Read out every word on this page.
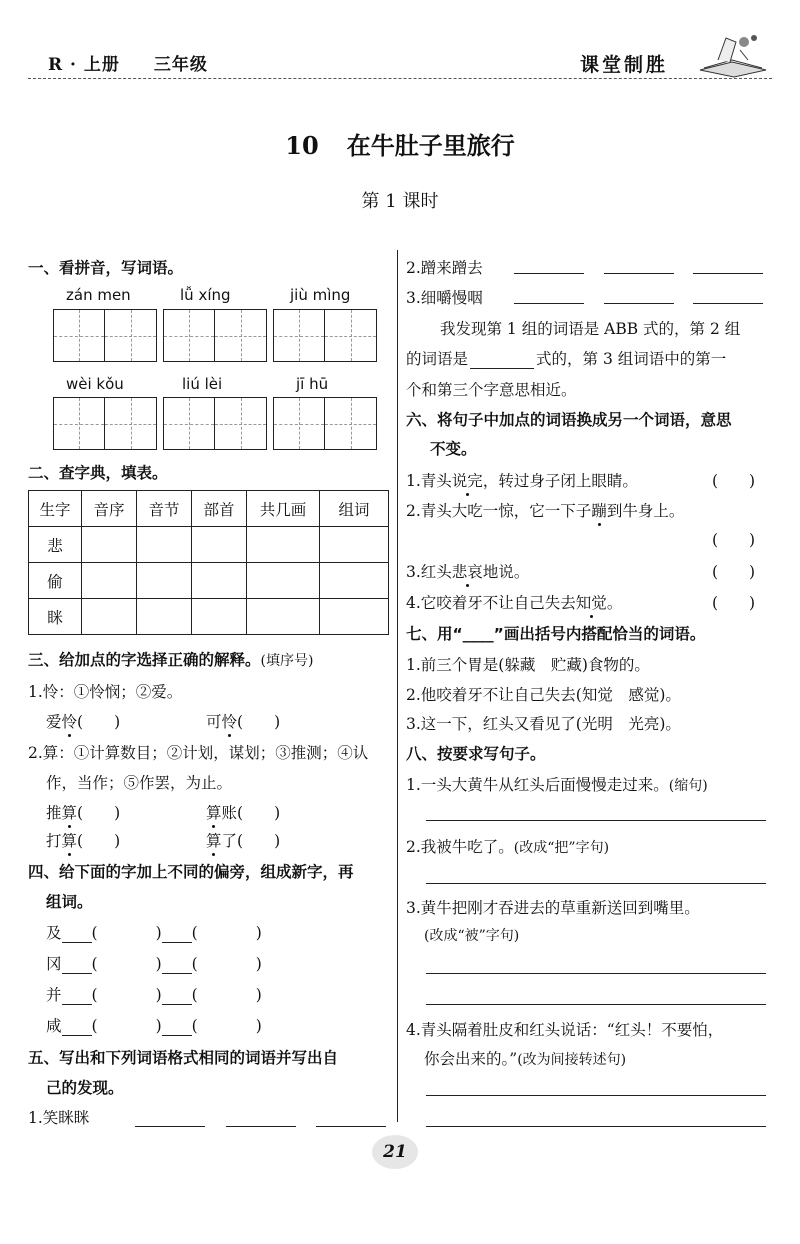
R · 上册 三年级	课堂制胜
10 在牛肚子里旅行
第 1 课时
一、看拼音，写词语。
zán men	lǚ xíng	jiù mìng
wèi kǒu	liú lèi	jī hū
二、查字典，填表。
生字	音序	音节	部首	共几画	组词
悲					
偷					
眯					
三、给加点的字选择正确的解释。(填序号)
1.怜：①怜悯；②爱。
爱怜(　　)	可怜(　　)
2.算：①计算数目；②计划，谋划；③推测；④认
作，当作；⑤作罢，为止。
推算(　　)	算账(　　)
打算(　　)	算了(　　)
四、给下面的字加上不同的偏旁，组成新字，再
组词。
及 (	) (	)
冈 (	) (	)
并 (	) (	)
咸 (	) (	)
五、写出和下列词语格式相同的词语并写出自
己的发现。
1.笑眯眯
2.蹭来蹭去
3.细嚼慢咽
我发现第 1 组的词语是 ABB 式的，第 2 组
的词语是	式的，第 3 组词语中的第一
个和第三个字意思相近。
六、将句子中加点的词语换成另一个词语，意思
不变。
1.青头说完，转过身子闭上眼睛。	(　　)
2.青头大吃一惊，它一下子蹦到牛身上。
(　　)
3.红头悲哀地说。	(　　)
4.它咬着牙不让自己失去知觉。	(　　)
七、用“____”画出括号内搭配恰当的词语。
1.前三个胃是(躲藏　贮藏)食物的。
2.他咬着牙不让自己失去(知觉　感觉)。
3.这一下，红头又看见了(光明　光亮)。
八、按要求写句子。
1.一头大黄牛从红头后面慢慢走过来。(缩句)
2.我被牛吃了。(改成“把”字句)
3.黄牛把刚才吞进去的草重新送回到嘴里。
(改成“被”字句)
4.青头隔着肚皮和红头说话：“红头！不要怕，
你会出来的。”(改为间接转述句)
21
